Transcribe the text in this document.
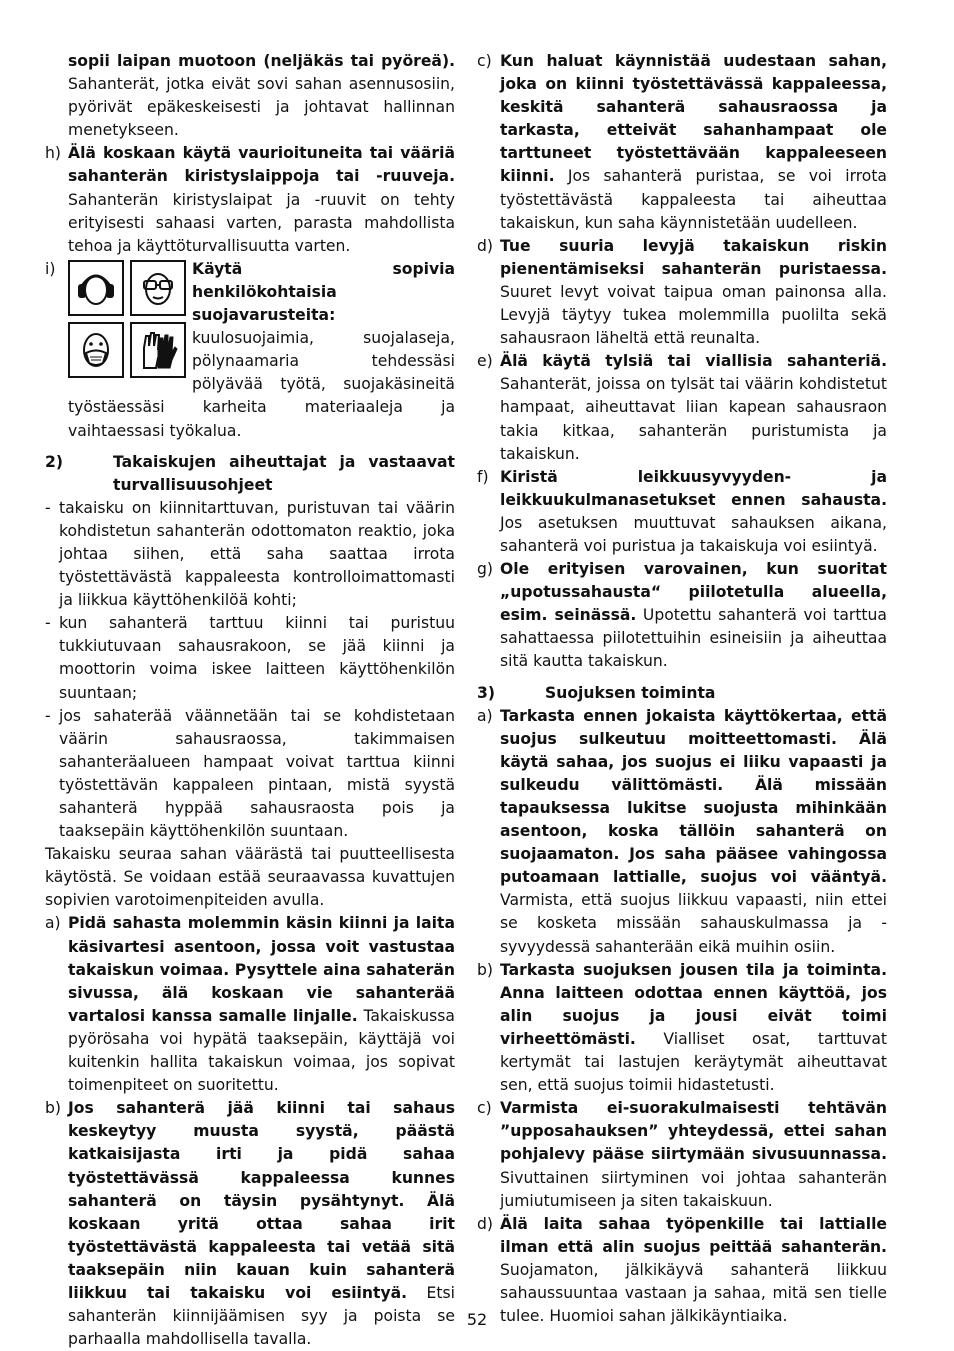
sopii laipan muotoon (neljäkäs tai pyöreä). Sahanterät, jotka eivät sovi sahan asennusosiin, pyörivät epäkeskeisesti ja johtavat hallinnan menetykseen.
h) Älä koskaan käytä vaurioituneita tai vääriä sahanterän kiristyslaippoja tai -ruuveja. Sahanterän kiristyslaipat ja -ruuvit on tehty erityisesti sahaasi varten, parasta mahdollista tehoa ja käyttöturvallisuutta varten.
i)	Käytä sopivia henkilökohtaisia suojavarusteita: kuulosuojaimia, suojalaseja, pölynaamaria tehdessäsi pölyävää työtä, suojakäsineitä työstäessäsi karheita materiaaleja ja vaihtaessasi työkalua.
2)	Takaiskujen aiheuttajat ja vastaavat turvallisuusohjeet
- takaisku on kiinnitarttuvan, puristuvan tai väärin kohdistetun sahanterän odottomaton reaktio, joka johtaa siihen, että saha saattaa irrota työstettävästä kappaleesta kontrolloimattomasti ja liikkua käyttöhenkilöä kohti;
- kun sahanterä tarttuu kiinni tai puristuu tukkiutuvaan sahausrakoon, se jää kiinni ja moottorin voima iskee laitteen käyttöhenkilön suuntaan;
- jos sahaterää väännetään tai se kohdistetaan väärin sahausraossa, takimmaisen sahanteräalueen hampaat voivat tarttua kiinni työstettävän kappaleen pintaan, mistä syystä sahanterä hyppää sahausraosta pois ja taaksepäin käyttöhenkilön suuntaan.
Takaisku seuraa sahan väärästä tai puutteellisesta käytöstä. Se voidaan estää seuraavassa kuvattujen sopivien varotoimenpiteiden avulla.
a) Pidä sahasta molemmin käsin kiinni ja laita käsivartesi asentoon, jossa voit vastustaa takaiskun voimaa. Pysyttele aina sahaterän sivussa, älä koskaan vie sahanterää vartalosi kanssa samalle linjalle. Takaiskussa pyörösaha voi hypätä taaksepäin, käyttäjä voi kuitenkin hallita takaiskun voimaa, jos sopivat toimenpiteet on suoritettu.
b) Jos sahanterä jää kiinni tai sahaus keskeytyy muusta syystä, päästä katkaisijasta irti ja pidä sahaa työstettävässä kappaleessa kunnes sahanterä on täysin pysähtynyt. Älä koskaan yritä ottaa sahaa irit työstettävästä kappaleesta tai vetää sitä taaksepäin niin kauan kuin sahanterä liikkuu tai takaisku voi esiintyä. Etsi sahanterän kiinnijäämisen syy ja poista se parhaalla mahdollisella tavalla.
c) Kun haluat käynnistää uudestaan sahan, joka on kiinni työstettävässä kappaleessa, keskitä sahanterä sahausraossa ja tarkasta, etteivät sahanhampaat ole tarttuneet työstettävään kappaleeseen kiinni. Jos sahanterä puristaa, se voi irrota työstettävästä kappaleesta tai aiheuttaa takaiskun, kun saha käynnistetään uudelleen.
d) Tue suuria levyjä takaiskun riskin pienentämiseksi sahanterän puristaessa. Suuret levyt voivat taipua oman painonsa alla. Levyjä täytyy tukea molemmilla puolilta sekä sahausraon läheltä että reunalta.
e) Älä käytä tylsiä tai viallisia sahanteriä. Sahanterät, joissa on tylsät tai väärin kohdistetut hampaat, aiheuttavat liian kapean sahausraon takia kitkaa, sahanterän puristumista ja takaiskun.
f) Kiristä leikkuusyvyyden- ja leikkuukulmanasetukset ennen sahausta. Jos asetuksen muuttuvat sahauksen aikana, sahanterä voi puristua ja takaiskuja voi esiintyä.
g) Ole erityisen varovainen, kun suoritat „upotussahausta“ piilotetulla alueella, esim. seinässä. Upotettu sahanterä voi tarttua sahattaessa piilotettuihin esineisiin ja aiheuttaa sitä kautta takaiskun.
3)	Suojuksen toiminta
a) Tarkasta ennen jokaista käyttökertaa, että suojus sulkeutuu moitteettomasti. Älä käytä sahaa, jos suojus ei liiku vapaasti ja sulkeudu välittömästi. Älä missään tapauksessa lukitse suojusta mihinkään asentoon, koska tällöin sahanterä on suojaamaton. Jos saha pääsee vahingossa putoamaan lattialle, suojus voi vääntyä. Varmista, että suojus liikkuu vapaasti, niin ettei se kosketa missään sahauskulmassa ja -syvyydessä sahanterään eikä muihin osiin.
b) Tarkasta suojuksen jousen tila ja toiminta. Anna laitteen odottaa ennen käyttöä, jos alin suojus ja jousi eivät toimi virheettömästi. Vialliset osat, tarttuvat kertymät tai lastujen keräytymät aiheuttavat sen, että suojus toimii hidastetusti.
c) Varmista ei-suorakulmaisesti tehtävän ”upposahauksen” yhteydessä, ettei sahan pohjalevy pääse siirtymään sivusuunnassa. Sivuttainen siirtyminen voi johtaa sahanterän jumiutumiseen ja siten takaiskuun.
d) Älä laita sahaa työpenkille tai lattialle ilman että alin suojus peittää sahanterän. Suojamaton, jälkikäyvä sahanterä liikkuu sahaussuuntaa vastaan ja sahaa, mitä sen tielle tulee. Huomioi sahan jälkikäyntiaika.
52
